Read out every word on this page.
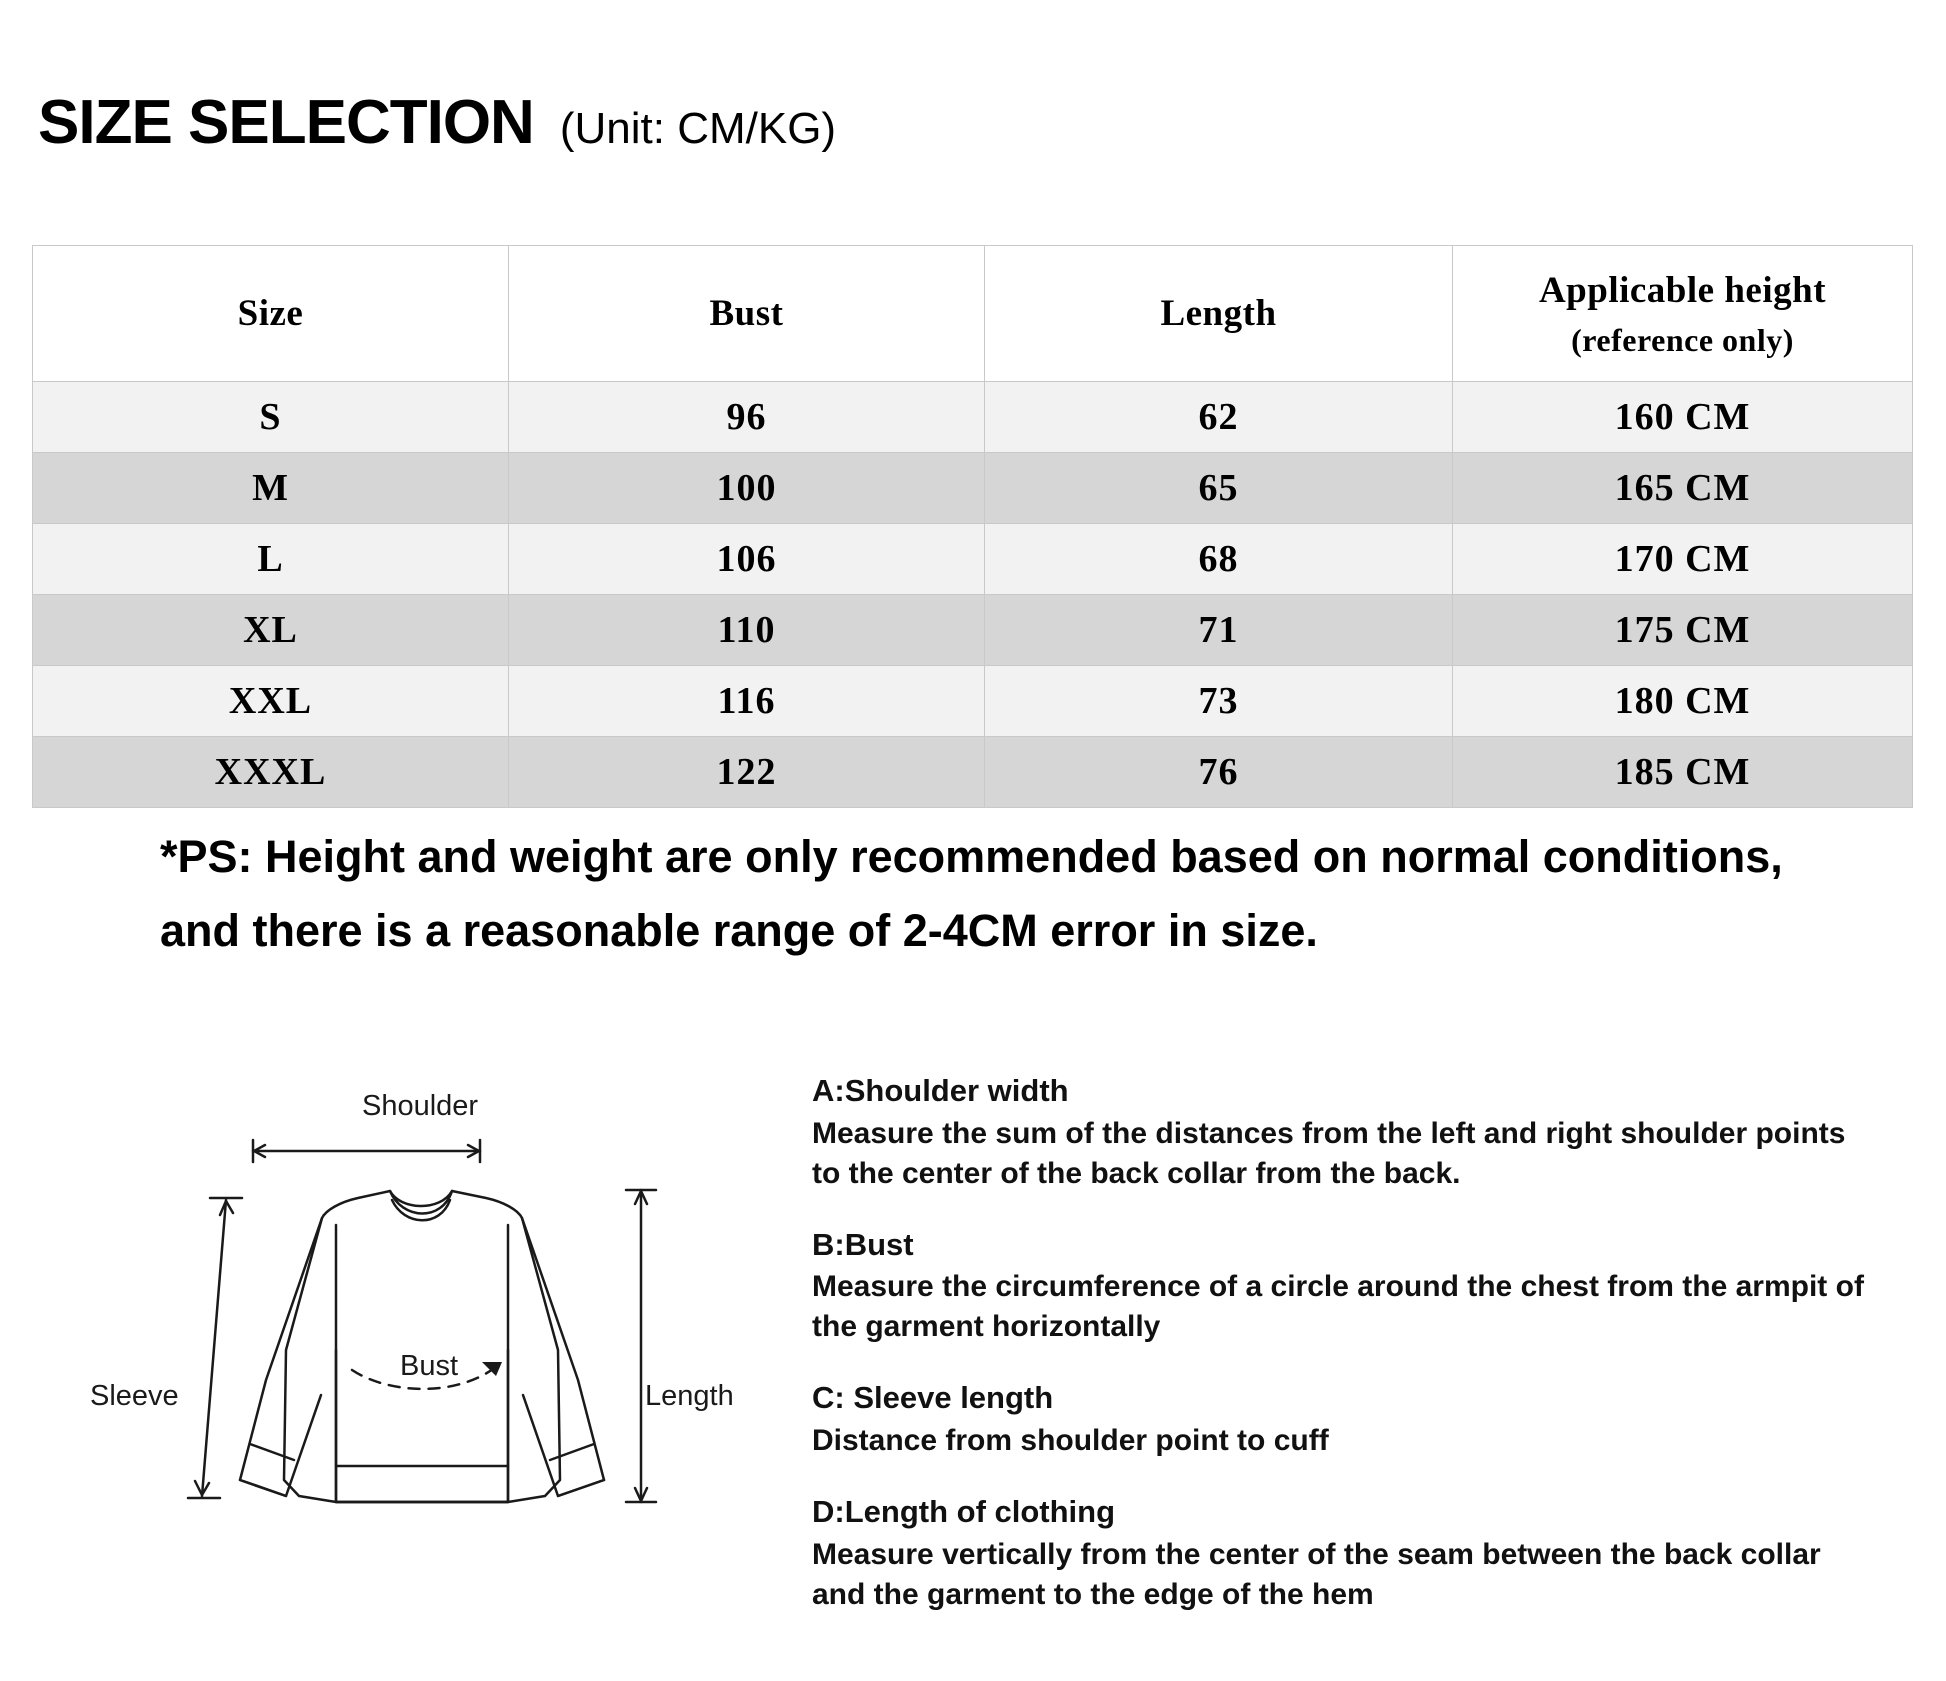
SIZE SELECTION (Unit: CM/KG)
Size	Bust	Length	Applicable height
(reference only)

S	96	62	160 CM
M	100	65	165 CM
L	106	68	170 CM
XL	110	71	175 CM
XXL	116	73	180 CM
XXXL	122	76	185 CM
*PS: Height and weight are only recommended based on normal conditions, and there is a reasonable range of 2-4CM error in size.
Shoulder
Sleeve
Bust
Length
A:Shoulder width
Measure the sum of the distances from the left and right shoulder points to the center of the back collar from the back.
B:Bust
Measure the circumference of a circle around the chest from the armpit of the garment horizontally
C: Sleeve length
Distance from shoulder point to cuff
D:Length of clothing
Measure vertically from the center of the seam between the back collar and the garment to the edge of the hem
